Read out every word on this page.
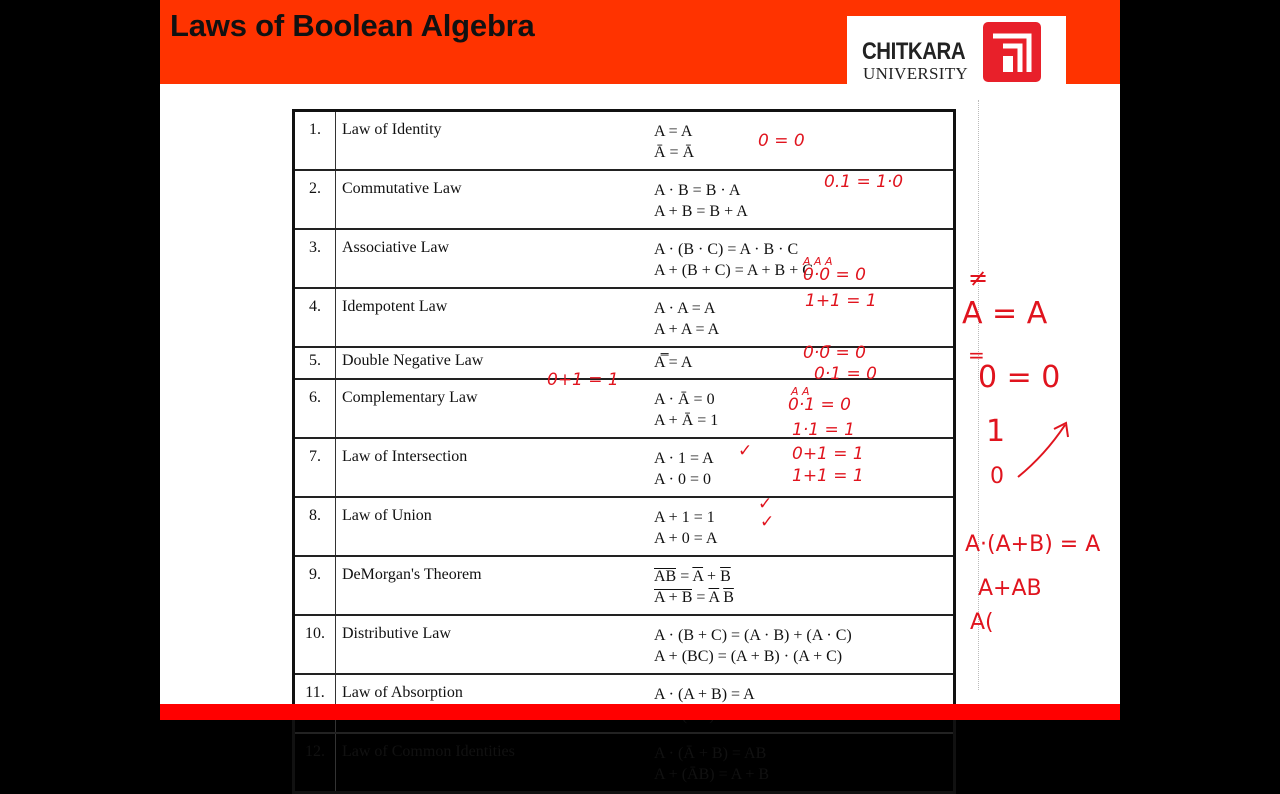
Laws of Boolean Algebra
CHITKARA
UNIVERSITY
1.	Law of Identity	A = A
Ā = Ā

2.	Commutative Law	A · B = B · A
A + B = B + A

3.	Associative Law	A · (B · C) = A · B · C
A + (B + C) = A + B + C

4.	Idempotent Law	A · A = A
A + A = A

5.	Double Negative Law	A̿ = A

6.	Complementary Law	A · Ā = 0
A + Ā = 1

7.	Law of Intersection	A · 1 = A
A · 0 = 0

8.	Law of Union	A + 1 = 1
A + 0 = A

9.	DeMorgan's Theorem	AB = $\overline{A} + \overline{B}$
$A + B = \overline{A}$ $\overline{B}$

10.	Distributive Law	A · (B + C) = (A · B) + (A · C)
A + (BC) = (A + B) · (A + C)

11.	Law of Absorption	A · (A + B) = A

12.	Law of Common Identities	A · (Ā + B) = AB
A + (ĀB) = A + B
0 = 0
0.1 = 1·0
A A A
0·0 = 0
1+1 = 1
0·0̄ = 0
0·1 = 0
0+1 = 1
A A
0·1 = 0
1·1 = 1
✓ 0+1 = 1
1+1 = 1
✓
✓
≠
A = A
=
0 = 0
1
0
A·(A+B) = A
A+AB
A(
